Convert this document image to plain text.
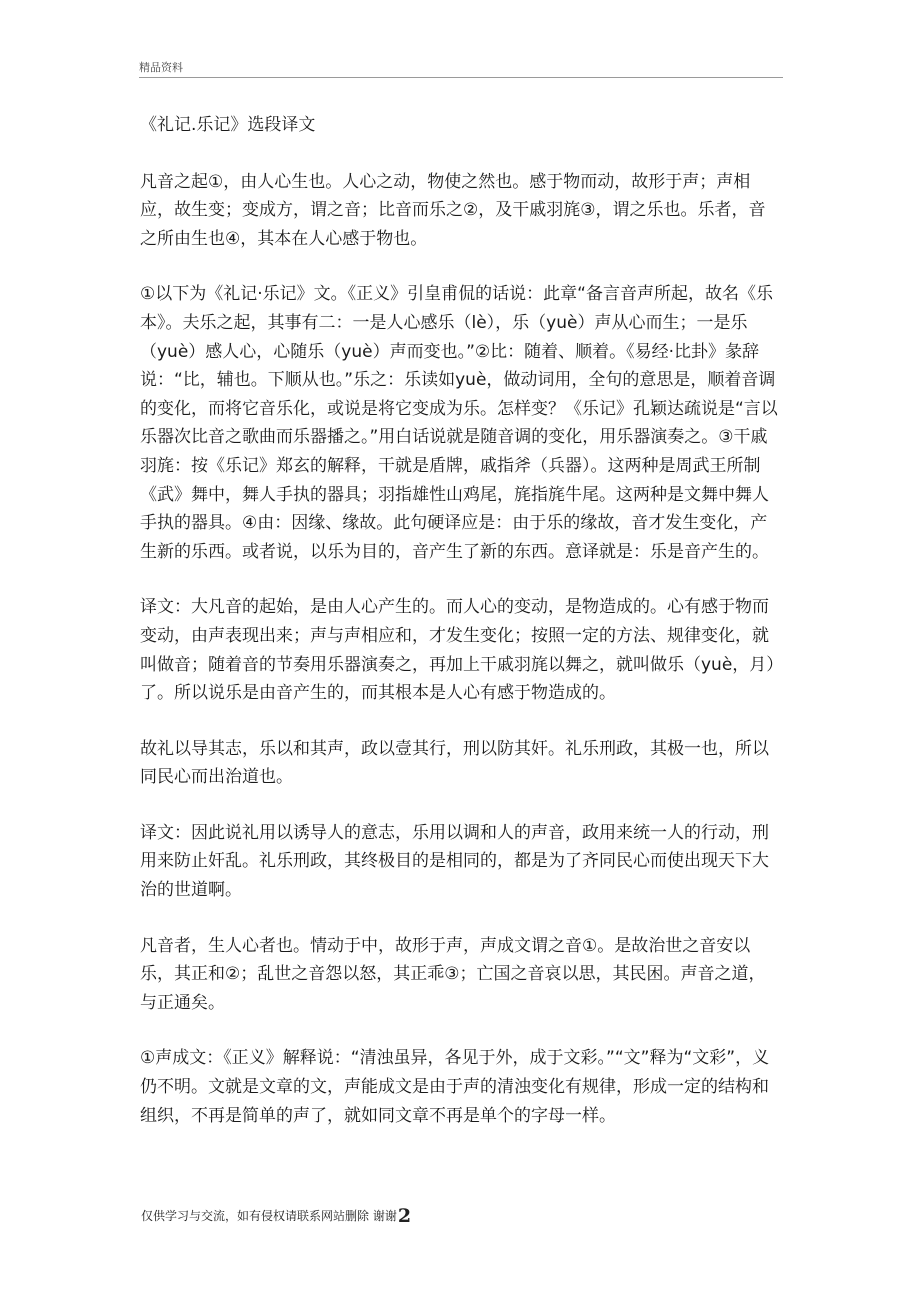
精品资料

《礼记.乐记》选段译文

凡音之起①，由人心生也。人心之动，物使之然也。感于物而动，故形于声；声相应，故生变；变成方，谓之音；比音而乐之②，及干戚羽旄③，谓之乐也。乐者，音之所由生也④，其本在人心感于物也。

①以下为《礼记·乐记》文。《正义》引皇甫侃的话说：此章“备言音声所起，故名《乐本》。夫乐之起，其事有二：一是人心感乐（lè），乐（yuè）声从心而生；一是乐（yuè）感人心，心随乐（yuè）声而变也。”②比：随着、顺着。《易经·比卦》彖辞说：“比，辅也。下顺从也。”乐之：乐读如yuè，做动词用，全句的意思是，顺着音调的变化，而将它音乐化，或说是将它变成为乐。怎样变？《乐记》孔颖达疏说是“言以乐器次比音之歌曲而乐器播之。”用白话说就是随音调的变化，用乐器演奏之。③干戚羽旄：按《乐记》郑玄的解释，干就是盾牌，戚指斧（兵器）。这两种是周武王所制《武》舞中，舞人手执的器具；羽指雄性山鸡尾，旄指旄牛尾。这两种是文舞中舞人手执的器具。④由：因缘、缘故。此句硬译应是：由于乐的缘故，音才发生变化，产生新的乐西。或者说，以乐为目的，音产生了新的东西。意译就是：乐是音产生的。

译文：大凡音的起始，是由人心产生的。而人心的变动，是物造成的。心有感于物而变动，由声表现出来；声与声相应和，才发生变化；按照一定的方法、规律变化，就叫做音；随着音的节奏用乐器演奏之，再加上干戚羽旄以舞之，就叫做乐（yuè，月）了。所以说乐是由音产生的，而其根本是人心有感于物造成的。

故礼以导其志，乐以和其声，政以壹其行，刑以防其奸。礼乐刑政，其极一也，所以同民心而出治道也。

译文：因此说礼用以诱导人的意志，乐用以调和人的声音，政用来统一人的行动，刑用来防止奸乱。礼乐刑政，其终极目的是相同的，都是为了齐同民心而使出现天下大治的世道啊。

凡音者，生人心者也。情动于中，故形于声，声成文谓之音①。是故治世之音安以乐，其正和②；乱世之音怨以怒，其正乖③；亡国之音哀以思，其民困。声音之道，与正通矣。

①声成文：《正义》解释说：“清浊虽异，各见于外，成于文彩。”“文”释为“文彩”，义仍不明。文就是文章的文，声能成文是由于声的清浊变化有规律，形成一定的结构和组织，不再是简单的声了，就如同文章不再是单个的字母一样。

仅供学习与交流，如有侵权请联系网站删除 谢谢2
